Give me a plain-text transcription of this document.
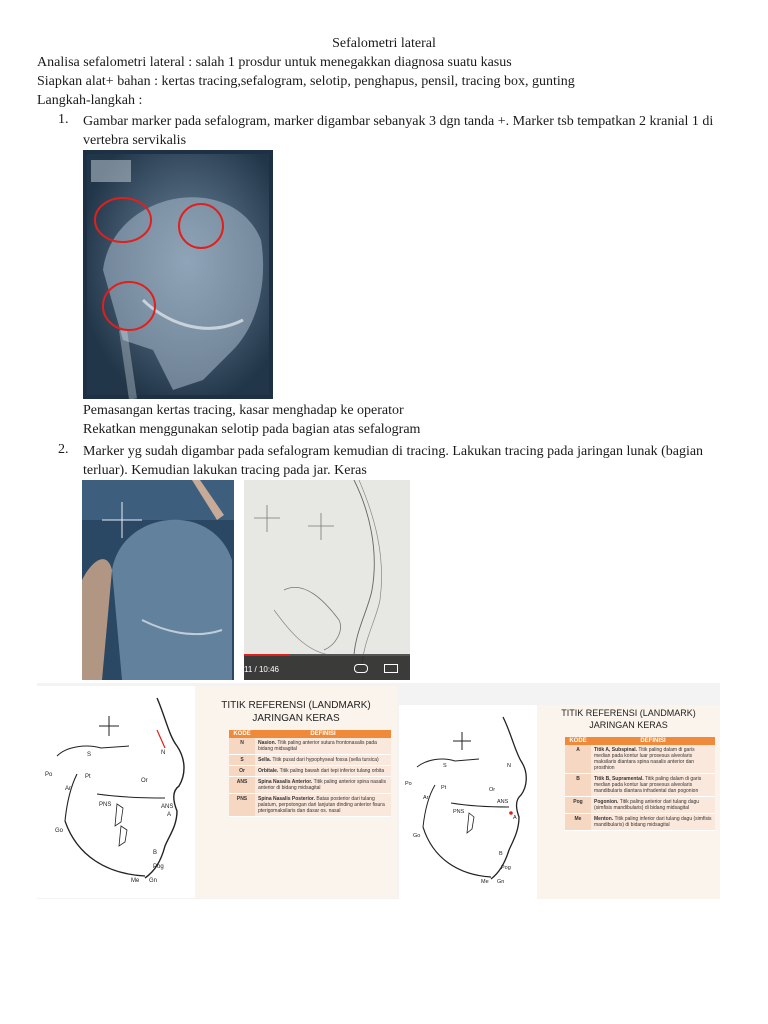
Sefalometri lateral
Analisa sefalometri lateral : salah 1 prosdur untuk menegakkan diagnosa suatu kasus
Siapkan alat+ bahan : kertas tracing,sefalogram, selotip, penghapus, pensil, tracing box, gunting
Langkah-langkah :
1. Gambar marker pada sefalogram, marker digambar sebanyak 3 dgn tanda +. Marker tsb tempatkan 2 kranial 1 di vertebra servikalis
Pemasangan kertas tracing, kasar menghadap ke operator
Rekatkan menggunakan selotip pada bagian atas sefalogram
2. Marker yg sudah digambar pada sefalogram kemudian di tracing. Lakukan tracing pada jaringan lunak (bagian terluar). Kemudian lakukan tracing pada jar. Keras
11 / 10:46
N
S
Po
Ar
Pt
Or
PNS	ANS
A
B
Go
Pog
Gn
Me
TITIK REFERENSI (LANDMARK)
JARINGAN KERAS
KODE	DEFINISI
N	Nasion. Titik paling anterior sutura frontonasalis pada bidang midsagital
S	Sella. Titik pusat dari hypophyseal fossa (sella tursica)
Or	Orbitale. Titik paling bawah dari tepi inferior tulang orbita
ANS	Spina Nasalis Anterior. Titik paling anterior spina nasalis anterior di bidang midsagital
PNS	Spina Nasalis Posterior. Batas posterior dari tulang palatum, perpotongan dari lanjutan dinding anterior fisura pterigomaksilaris dan dasar os. nasal
N
S
Po
Ar
Pt	Or
PNS
ANS
A
B
Go
Pog
Gn
Me
TITIK REFERENSI (LANDMARK)
JARINGAN KERAS
KODE	DEFINISI
A	Titik A, Subspinal. Titik paling dalam di garis median pada kontur luar prosesus alveolaris maksilaris diantara spina nasalis anterior dan prosthion
B	Titik B, Supramental. Titik paling dalam di garis median pada kontur luar prosesus alveolaris mandibularis diantara infradental dan pogonion
Pog	Pogonion. Titik paling anterior dari tulang dagu (simfisis mandibularis) di bidang midsagital
Me	Menton. Titik paling inferior dari tulang dagu (simfisis mandibularis) di bidang midsagital
